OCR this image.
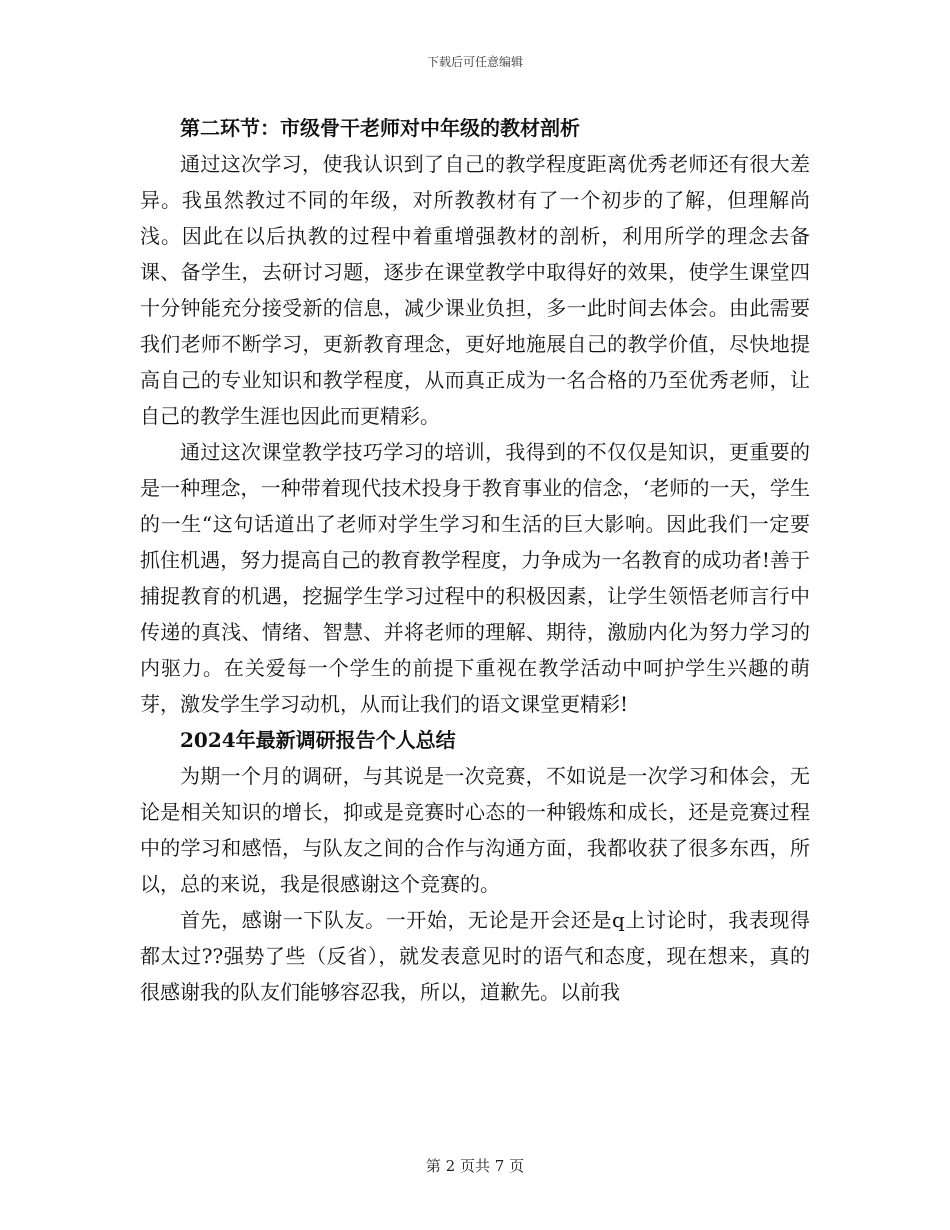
下载后可任意编辑

第二环节：市级骨干老师对中年级的教材剖析

通过这次学习，使我认识到了自己的教学程度距离优秀老师还有很大差异。我虽然教过不同的年级，对所教教材有了一个初步的了解，但理解尚浅。因此在以后执教的过程中着重增强教材的剖析，利用所学的理念去备课、备学生，去研讨习题，逐步在课堂教学中取得好的效果，使学生课堂四十分钟能充分接受新的信息，减少课业负担，多一此时间去体会。由此需要我们老师不断学习，更新教育理念，更好地施展自己的教学价值，尽快地提高自己的专业知识和教学程度，从而真正成为一名合格的乃至优秀老师，让自己的教学生涯也因此而更精彩。

通过这次课堂教学技巧学习的培训，我得到的不仅仅是知识，更重要的是一种理念，一种带着现代技术投身于教育事业的信念，‘老师的一天，学生的一生“这句话道出了老师对学生学习和生活的巨大影响。因此我们一定要抓住机遇，努力提高自己的教育教学程度，力争成为一名教育的成功者!善于捕捉教育的机遇，挖掘学生学习过程中的积极因素，让学生领悟老师言行中传递的真浅、情绪、智慧、并将老师的理解、期待，激励内化为努力学习的内驱力。在关爱每一个学生的前提下重视在教学活动中呵护学生兴趣的萌芽，激发学生学习动机，从而让我们的语文课堂更精彩!

2024年最新调研报告个人总结

为期一个月的调研，与其说是一次竞赛，不如说是一次学习和体会，无论是相关知识的增长，抑或是竞赛时心态的一种锻炼和成长，还是竞赛过程中的学习和感悟，与队友之间的合作与沟通方面，我都收获了很多东西，所以，总的来说，我是很感谢这个竞赛的。

首先，感谢一下队友。一开始，无论是开会还是q上讨论时，我表现得都太过??强势了些（反省），就发表意见时的语气和态度，现在想来，真的很感谢我的队友们能够容忍我，所以，道歉先。以前我

第 2 页共 7 页
